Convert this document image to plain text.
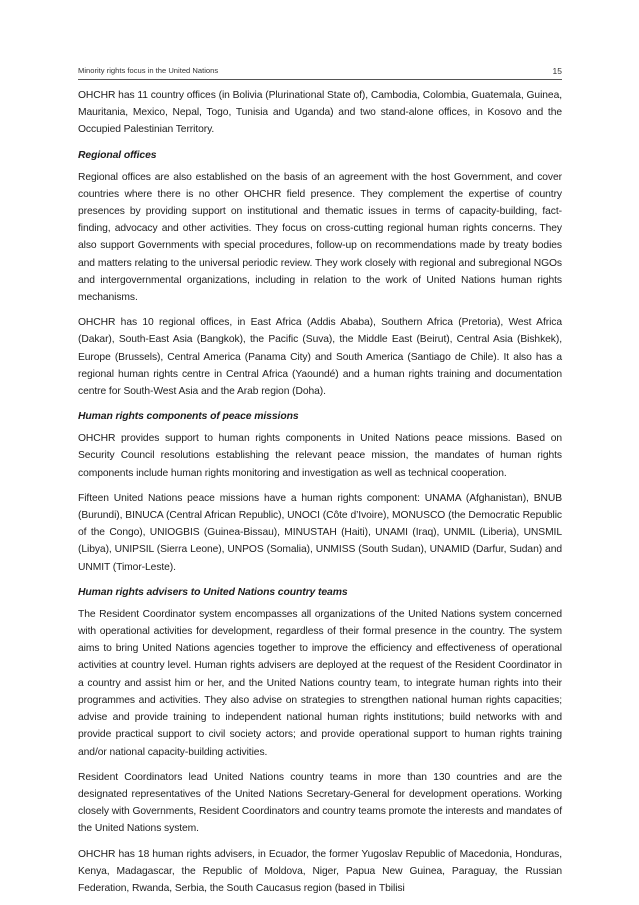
Minority rights focus in the United Nations	15

OHCHR has 11 country offices (in Bolivia (Plurinational State of), Cambodia, Colombia, Guatemala, Guinea, Mauritania, Mexico, Nepal, Togo, Tunisia and Uganda) and two stand-alone offices, in Kosovo and the Occupied Palestinian Territory.

Regional offices

Regional offices are also established on the basis of an agreement with the host Government, and cover countries where there is no other OHCHR field presence. They complement the expertise of country presences by providing support on institutional and thematic issues in terms of capacity-building, fact-finding, advocacy and other activities. They focus on cross-cutting regional human rights concerns. They also support Governments with special procedures, follow-up on recommendations made by treaty bodies and matters relating to the universal periodic review. They work closely with regional and subregional NGOs and intergovernmental organizations, including in relation to the work of United Nations human rights mechanisms.

OHCHR has 10 regional offices, in East Africa (Addis Ababa), Southern Africa (Pretoria), West Africa (Dakar), South-East Asia (Bangkok), the Pacific (Suva), the Middle East (Beirut), Central Asia (Bishkek), Europe (Brussels), Central America (Panama City) and South America (Santiago de Chile). It also has a regional human rights centre in Central Africa (Yaoundé) and a human rights training and documentation centre for South-West Asia and the Arab region (Doha).

Human rights components of peace missions

OHCHR provides support to human rights components in United Nations peace missions. Based on Security Council resolutions establishing the relevant peace mission, the mandates of human rights components include human rights monitoring and investigation as well as technical cooperation.

Fifteen United Nations peace missions have a human rights component: UNAMA (Afghanistan), BNUB (Burundi), BINUCA (Central African Republic), UNOCI (Côte d’Ivoire), MONUSCO (the Democratic Republic of the Congo), UNIOGBIS (Guinea-Bissau), MINUSTAH (Haiti), UNAMI (Iraq), UNMIL (Liberia), UNSMIL (Libya), UNIPSIL (Sierra Leone), UNPOS (Somalia), UNMISS (South Sudan), UNAMID (Darfur, Sudan) and UNMIT (Timor-Leste).

Human rights advisers to United Nations country teams

The Resident Coordinator system encompasses all organizations of the United Nations system concerned with operational activities for development, regardless of their formal presence in the country. The system aims to bring United Nations agencies together to improve the efficiency and effectiveness of operational activities at country level. Human rights advisers are deployed at the request of the Resident Coordinator in a country and assist him or her, and the United Nations country team, to integrate human rights into their programmes and activities. They also advise on strategies to strengthen national human rights capacities; advise and provide training to independent national human rights institutions; build networks with and provide practical support to civil society actors; and provide operational support to human rights training and/or national capacity-building activities.

Resident Coordinators lead United Nations country teams in more than 130 countries and are the designated representatives of the United Nations Secretary-General for development operations. Working closely with Governments, Resident Coordinators and country teams promote the interests and mandates of the United Nations system.

OHCHR has 18 human rights advisers, in Ecuador, the former Yugoslav Republic of Macedonia, Honduras, Kenya, Madagascar, the Republic of Moldova, Niger, Papua New Guinea, Paraguay, the Russian Federation, Rwanda, Serbia, the South Caucasus region (based in Tbilisi
